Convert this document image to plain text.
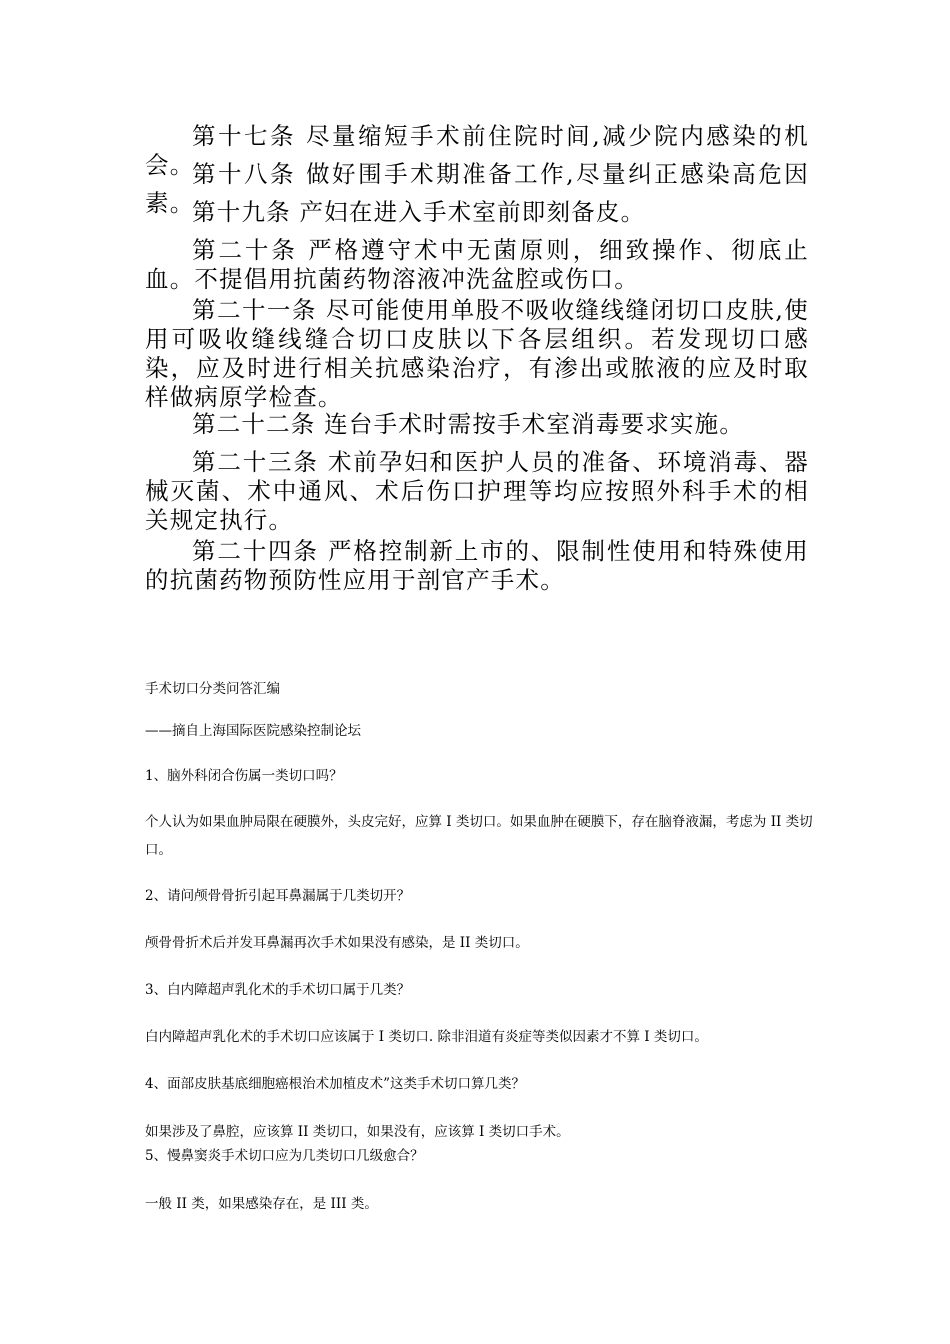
第十七条 尽量缩短手术前住院时间,减少院内感染的机会。

第十八条 做好围手术期准备工作,尽量纠正感染高危因素。

第十九条 产妇在进入手术室前即刻备皮。

第二十条 严格遵守术中无菌原则，细致操作、彻底止血。不提倡用抗菌药物溶液冲洗盆腔或伤口。

第二十一条 尽可能使用单股不吸收缝线缝闭切口皮肤,使用可吸收缝线缝合切口皮肤以下各层组织。若发现切口感染，应及时进行相关抗感染治疗，有渗出或脓液的应及时取样做病原学检查。

第二十二条 连台手术时需按手术室消毒要求实施。

第二十三条 术前孕妇和医护人员的准备、环境消毒、器械灭菌、术中通风、术后伤口护理等均应按照外科手术的相关规定执行。

第二十四条 严格控制新上市的、限制性使用和特殊使用的抗菌药物预防性应用于剖官产手术。

手术切口分类问答汇编

——摘自上海国际医院感染控制论坛

1、脑外科闭合伤属一类切口吗？

个人认为如果血肿局限在硬膜外，头皮完好，应算 I 类切口。如果血肿在硬膜下，存在脑脊液漏，考虑为 II 类切口。

2、请问颅骨骨折引起耳鼻漏属于几类切开？

颅骨骨折术后并发耳鼻漏再次手术如果没有感染，是 II 类切口。

3、白内障超声乳化术的手术切口属于几类？

白内障超声乳化术的手术切口应该属于 I 类切口. 除非泪道有炎症等类似因素才不算 I 类切口。

4、面部皮肤基底细胞癌根治术加植皮术”这类手术切口算几类？

如果涉及了鼻腔，应该算 II 类切口，如果没有，应该算 I 类切口手术。

5、慢鼻窦炎手术切口应为几类切口几级愈合？

一般 II 类，如果感染存在，是 III 类。
